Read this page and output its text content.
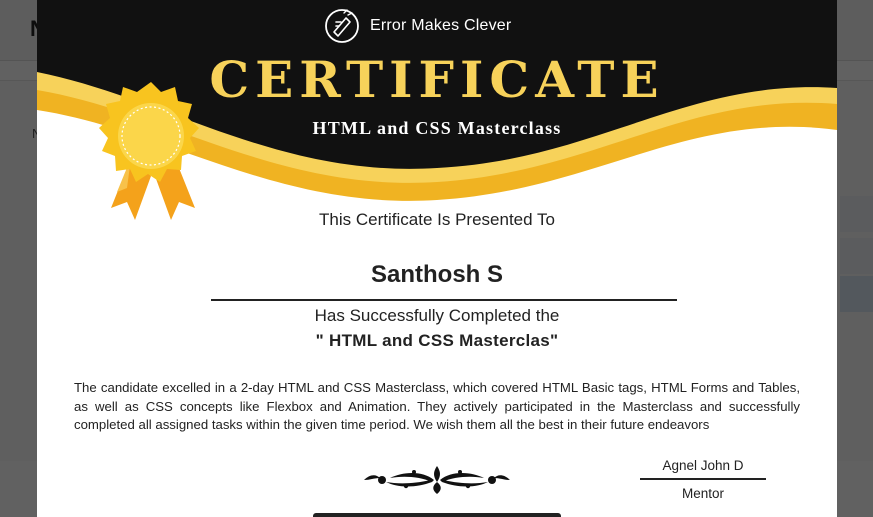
Error Makes Clever
CERTIFICATE
HTML and CSS Masterclass
This Certificate Is Presented To
Santhosh S
Has Successfully Completed the
" HTML and CSS Masterclas"
The candidate excelled in a 2-day HTML and CSS Masterclass, which covered HTML Basic tags, HTML Forms and Tables, as well as CSS concepts like Flexbox and Animation. They actively participated in the Masterclass and successfully completed all assigned tasks within the given time period. We wish them all the best in their future endeavors
Agnel John D
Mentor
